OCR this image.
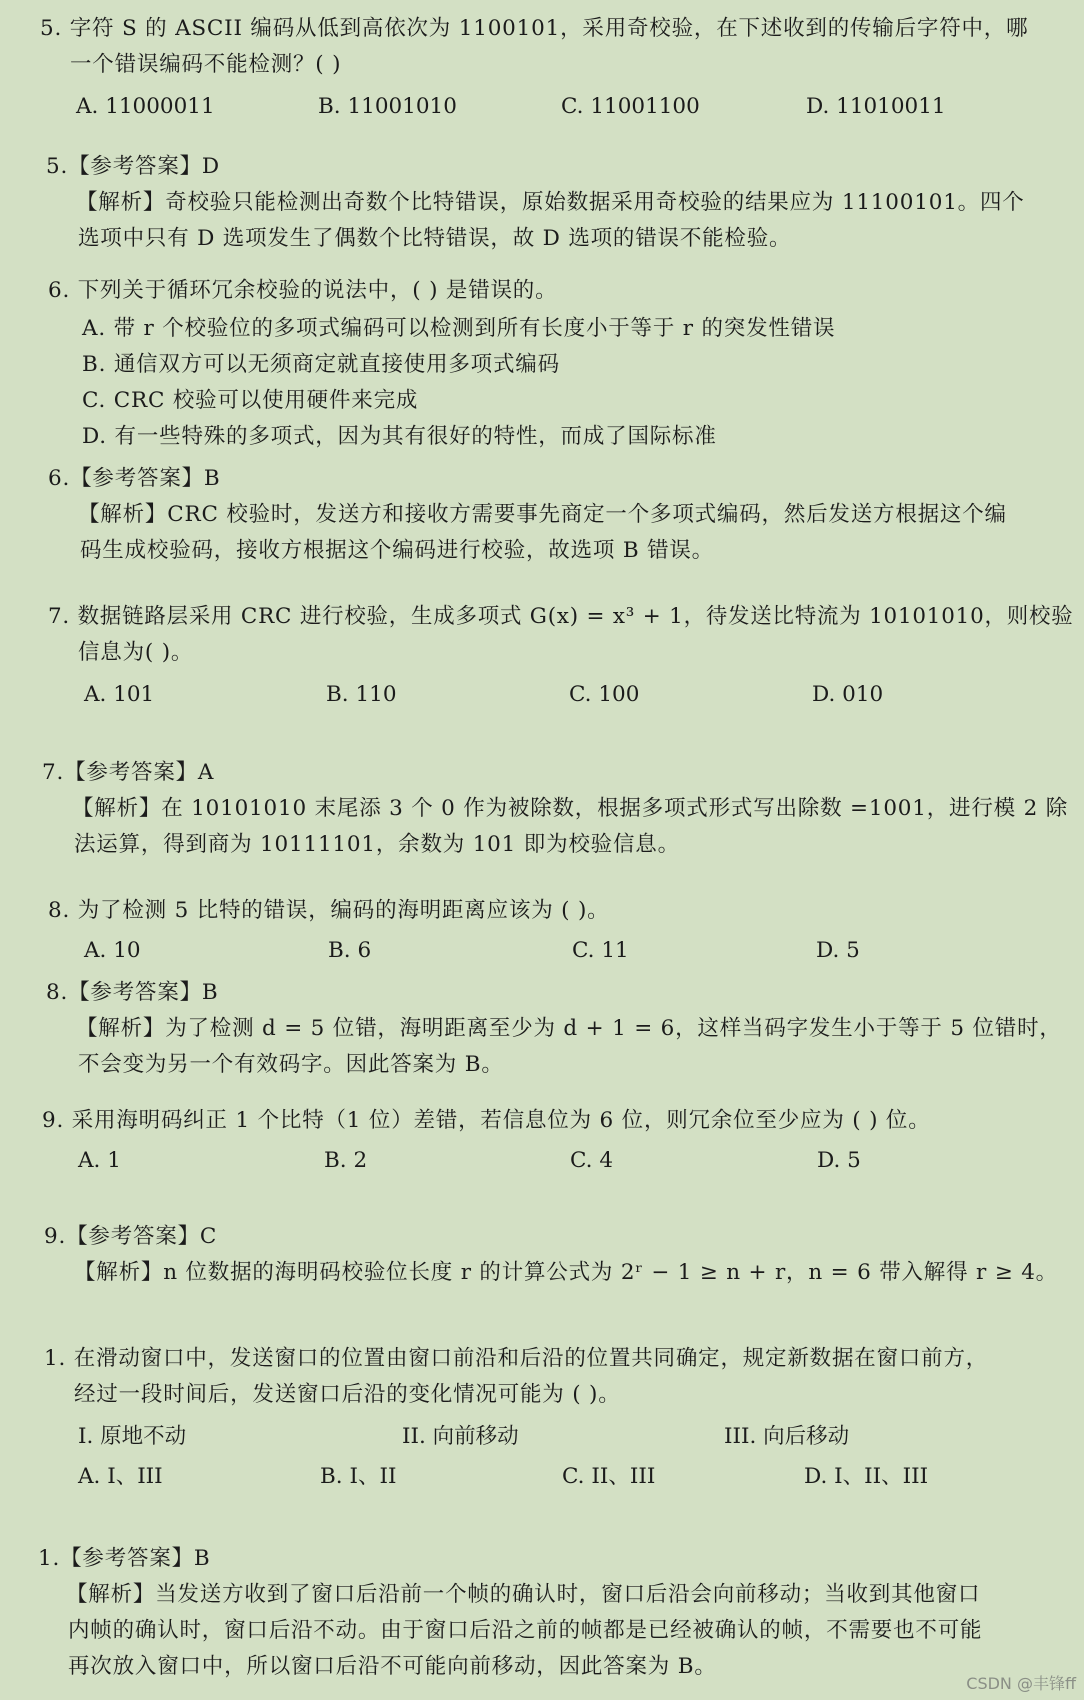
5. 字符 S 的 ASCII 编码从低到高依次为 1100101，采用奇校验，在下述收到的传输后字符中，哪
一个错误编码不能检测？( )
A. 11000011	B. 11001010	C. 11001100	D. 11010011
5.【参考答案】D
【解析】奇校验只能检测出奇数个比特错误，原始数据采用奇校验的结果应为 11100101。四个
选项中只有 D 选项发生了偶数个比特错误，故 D 选项的错误不能检验。
6. 下列关于循环冗余校验的说法中，( ) 是错误的。
A. 带 r 个校验位的多项式编码可以检测到所有长度小于等于 r 的突发性错误
B. 通信双方可以无须商定就直接使用多项式编码
C. CRC 校验可以使用硬件来完成
D. 有一些特殊的多项式，因为其有很好的特性，而成了国际标准
6.【参考答案】B
【解析】CRC 校验时，发送方和接收方需要事先商定一个多项式编码，然后发送方根据这个编
码生成校验码，接收方根据这个编码进行校验，故选项 B 错误。
7. 数据链路层采用 CRC 进行校验，生成多项式 G(x) = x³ + 1，待发送比特流为 10101010，则校验
信息为( )。
A. 101	B. 110	C. 100	D. 010
7.【参考答案】A
【解析】在 10101010 末尾添 3 个 0 作为被除数，根据多项式形式写出除数 =1001，进行模 2 除
法运算，得到商为 10111101，余数为 101 即为校验信息。
8. 为了检测 5 比特的错误，编码的海明距离应该为 ( )。
A. 10	B. 6	C. 11	D. 5
8.【参考答案】B
【解析】为了检测 d = 5 位错，海明距离至少为 d + 1 = 6，这样当码字发生小于等于 5 位错时，
不会变为另一个有效码字。因此答案为 B。
9. 采用海明码纠正 1 个比特（1 位）差错，若信息位为 6 位，则冗余位至少应为 ( ) 位。
A. 1	B. 2	C. 4	D. 5
9.【参考答案】C
【解析】n 位数据的海明码校验位长度 r 的计算公式为 2ʳ − 1 ≥ n + r，n = 6 带入解得 r ≥ 4。
1. 在滑动窗口中，发送窗口的位置由窗口前沿和后沿的位置共同确定，规定新数据在窗口前方，
经过一段时间后，发送窗口后沿的变化情况可能为 ( )。
I. 原地不动	II. 向前移动	III. 向后移动
A. I、III	B. I、II	C. II、III	D. I、II、III
1.【参考答案】B
【解析】当发送方收到了窗口后沿前一个帧的确认时，窗口后沿会向前移动；当收到其他窗口
内帧的确认时，窗口后沿不动。由于窗口后沿之前的帧都是已经被确认的帧，不需要也不可能
再次放入窗口中，所以窗口后沿不可能向前移动，因此答案为 B。
CSDN @丰锋ff
